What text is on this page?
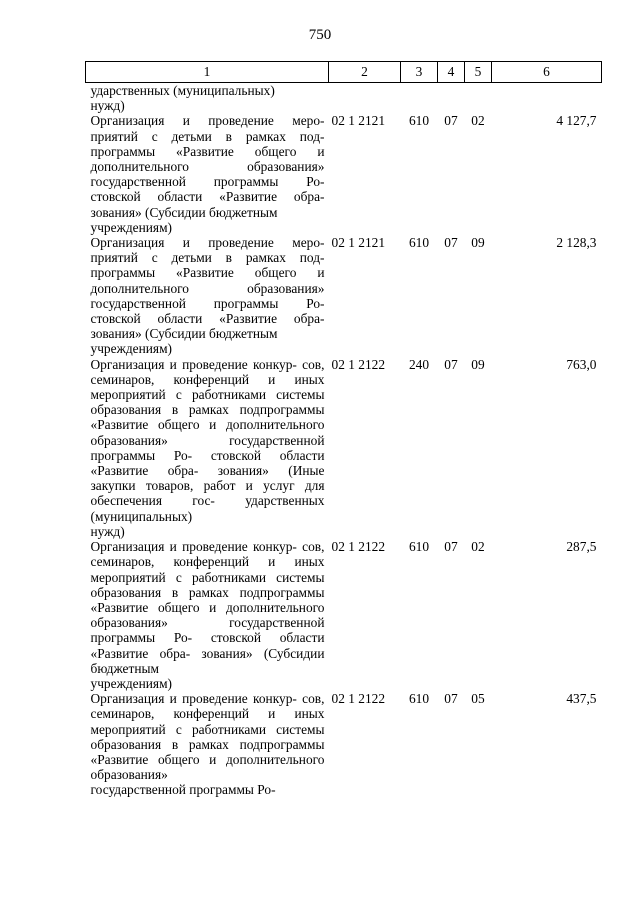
750
1	2	3	4	5	6
ударственных (муниципальных)
нужд)					

Организация и проведение меро- приятий с детьми в рамках под- программы «Развитие общего и дополнительного образования» государственной программы Ро- стовской области «Развитие обра- зования» (Субсидии бюджетным
учреждениям)	02 1 2121	610	07	02	4 127,7
Организация и проведение меро- приятий с детьми в рамках под- программы «Развитие общего и дополнительного образования» государственной программы Ро- стовской области «Развитие обра- зования» (Субсидии бюджетным
учреждениям)	02 1 2121	610	07	09	2 128,3
Организация и проведение конкур- сов, семинаров, конференций и иных мероприятий с работниками системы образования в рамках подпрограммы «Развитие общего и дополнительного образования» государственной программы Ро- стовской области «Развитие обра- зования» (Иные закупки товаров, работ и услуг для обеспечения гос- ударственных (муниципальных)
нужд)	02 1 2122	240	07	09	763,0
Организация и проведение конкур- сов, семинаров, конференций и иных мероприятий с работниками системы образования в рамках подпрограммы «Развитие общего и дополнительного образования» государственной программы Ро- стовской области «Развитие обра- зования» (Субсидии бюджетным
учреждениям)	02 1 2122	610	07	02	287,5
Организация и проведение конкур- сов, семинаров, конференций и иных мероприятий с работниками системы образования в рамках подпрограммы «Развитие общего и дополнительного образования»
государственной программы Ро-	02 1 2122	610	07	05	437,5
